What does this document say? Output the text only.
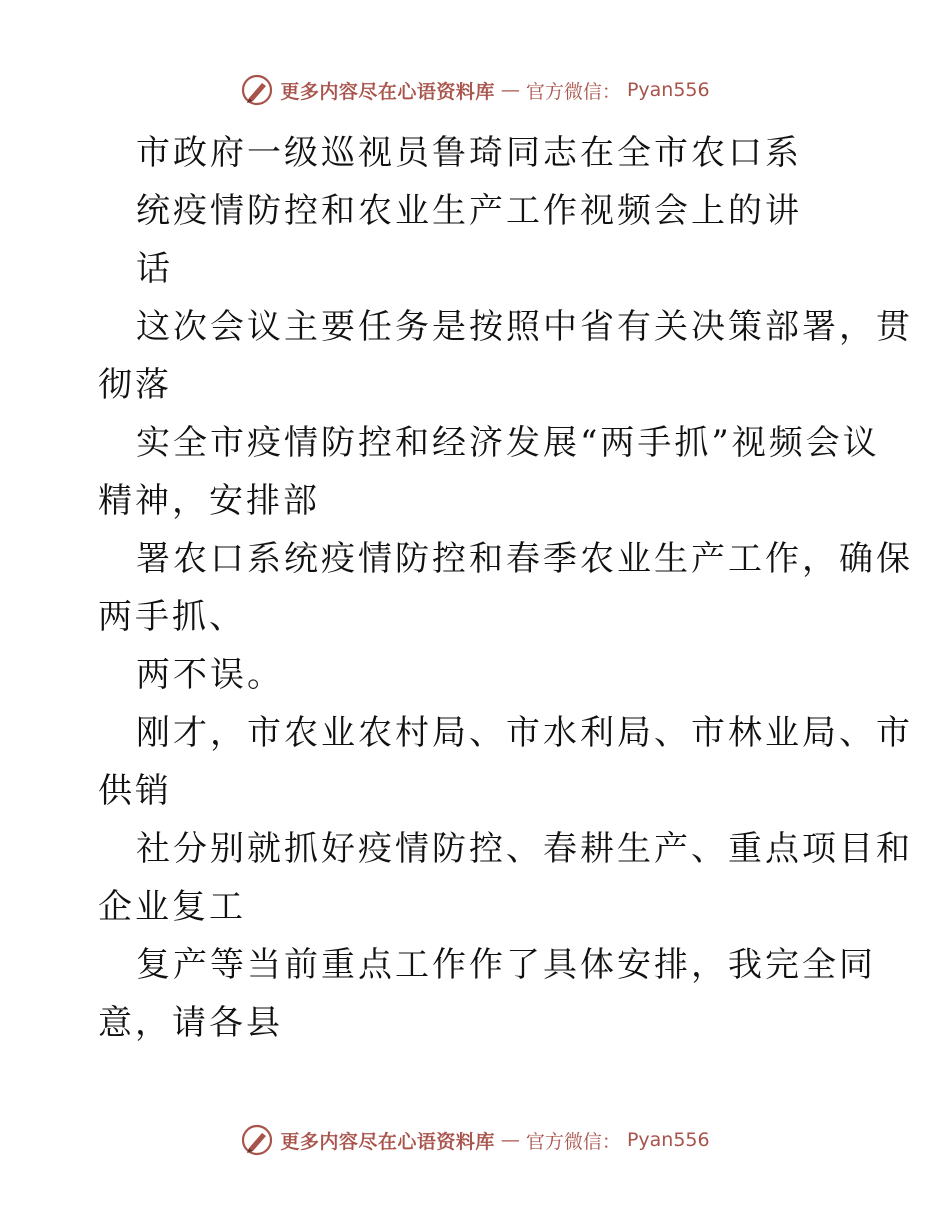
更多内容尽在心语资料库 — 官方微信： Pyan556
市政府一级巡视员鲁琦同志在全市农口系
统疫情防控和农业生产工作视频会上的讲
话
这次会议主要任务是按照中省有关决策部署，贯
彻落
实全市疫情防控和经济发展“两手抓”视频会议
精神，安排部
署农口系统疫情防控和春季农业生产工作，确保
两手抓、
两不误。
刚才，市农业农村局、市水利局、市林业局、市
供销
社分别就抓好疫情防控、春耕生产、重点项目和
企业复工
复产等当前重点工作作了具体安排，我完全同
意，请各县
更多内容尽在心语资料库 — 官方微信： Pyan556
